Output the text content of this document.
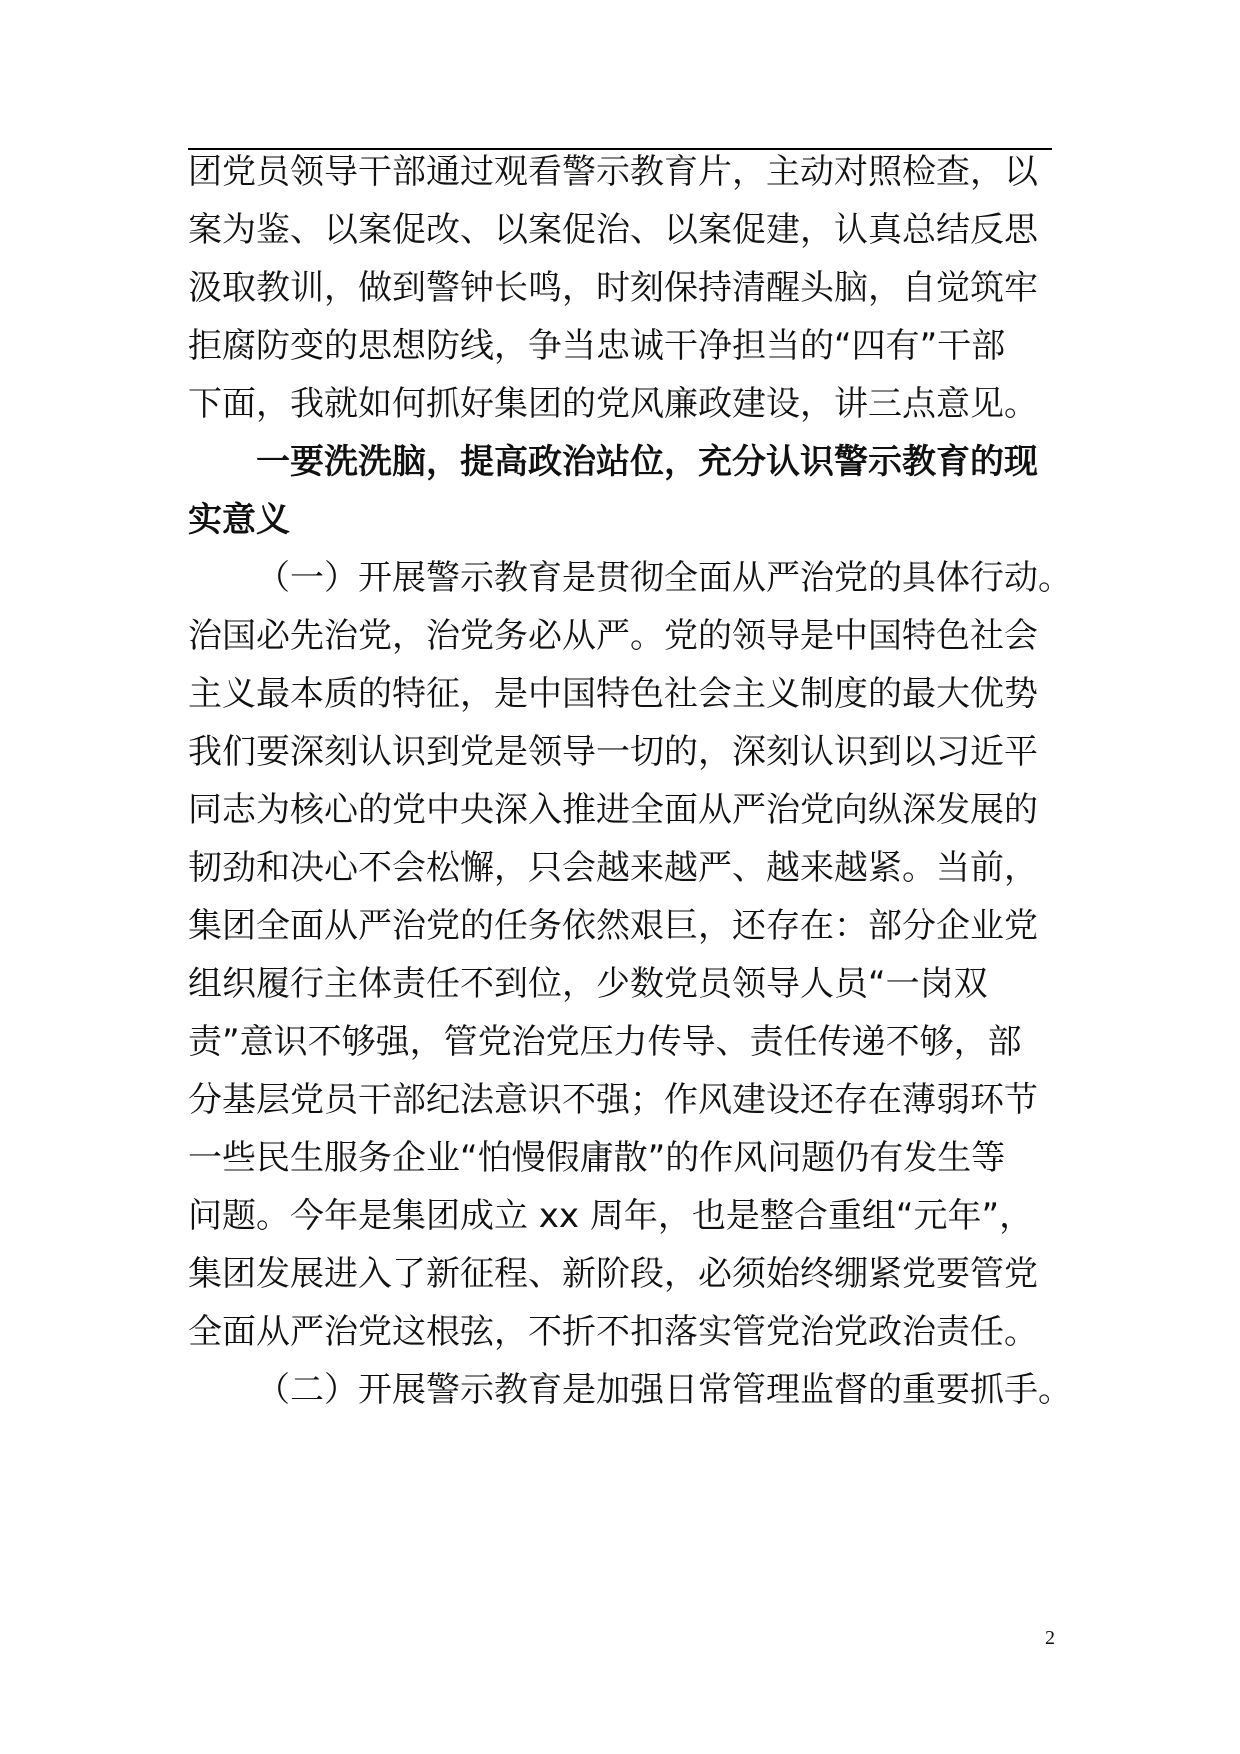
团党员领导干部通过观看警示教育片，主动对照检查，以

案为鉴、以案促改、以案促治、以案促建，认真总结反思

汲取教训，做到警钟长鸣，时刻保持清醒头脑，自觉筑牢

拒腐防变的思想防线，争当忠诚干净担当的“四有”干部

下面，我就如何抓好集团的党风廉政建设，讲三点意见。

一要洗洗脑，提高政治站位，充分认识警示教育的现

实意义

（一）开展警示教育是贯彻全面从严治党的具体行动。

治国必先治党，治党务必从严。党的领导是中国特色社会

主义最本质的特征，是中国特色社会主义制度的最大优势

我们要深刻认识到党是领导一切的，深刻认识到以习近平

同志为核心的党中央深入推进全面从严治党向纵深发展的

韧劲和决心不会松懈，只会越来越严、越来越紧。当前，

集团全面从严治党的任务依然艰巨，还存在：部分企业党

组织履行主体责任不到位，少数党员领导人员“一岗双

责”意识不够强，管党治党压力传导、责任传递不够，部

分基层党员干部纪法意识不强；作风建设还存在薄弱环节

一些民生服务企业“怕慢假庸散”的作风问题仍有发生等

问题。今年是集团成立 xx 周年，也是整合重组“元年”，

集团发展进入了新征程、新阶段，必须始终绷紧党要管党

全面从严治党这根弦，不折不扣落实管党治党政治责任。

（二）开展警示教育是加强日常管理监督的重要抓手。

2
